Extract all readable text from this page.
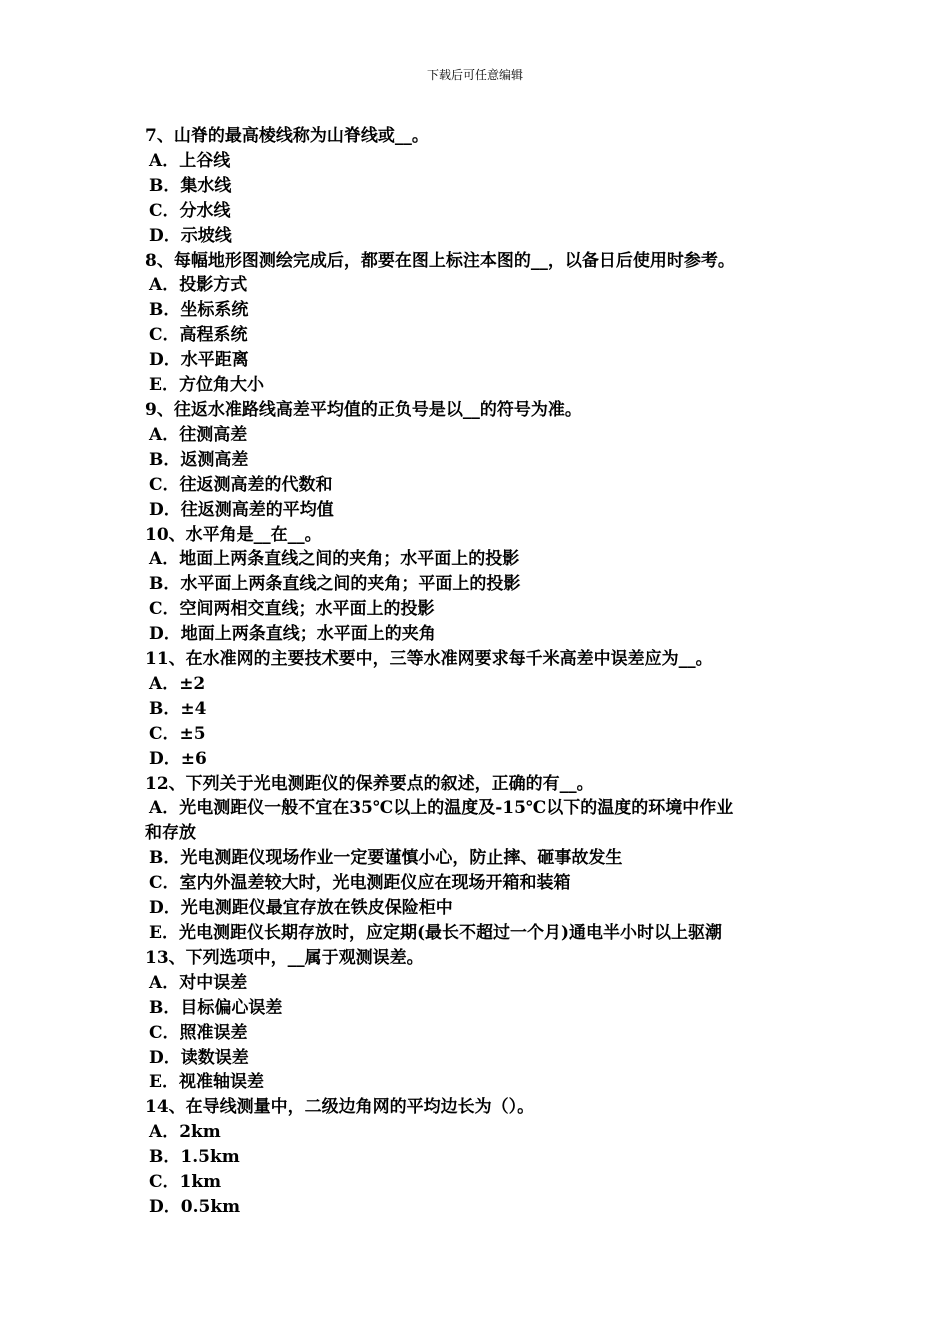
下载后可任意编辑
7、山脊的最高棱线称为山脊线或__。
A．上谷线
B．集水线
C．分水线
D．示坡线
8、每幅地形图测绘完成后，都要在图上标注本图的__，以备日后使用时参考。
A．投影方式
B．坐标系统
C．高程系统
D．水平距离
E．方位角大小
9、往返水准路线高差平均值的正负号是以__的符号为准。
A．往测高差
B．返测高差
C．往返测高差的代数和
D．往返测高差的平均值
10、水平角是__在__。
A．地面上两条直线之间的夹角；水平面上的投影
B．水平面上两条直线之间的夹角；平面上的投影
C．空间两相交直线；水平面上的投影
D．地面上两条直线；水平面上的夹角
11、在水准网的主要技术要中，三等水准网要求每千米高差中误差应为__。
A．±2
B．±4
C．±5
D．±6
12、下列关于光电测距仪的保养要点的叙述，正确的有__。
A．光电测距仪一般不宜在35℃以上的温度及-15℃以下的温度的环境中作业
和存放
B．光电测距仪现场作业一定要谨慎小心，防止摔、砸事故发生
C．室内外温差较大时，光电测距仪应在现场开箱和装箱
D．光电测距仪最宜存放在铁皮保险柜中
E．光电测距仪长期存放时，应定期(最长不超过一个月)通电半小时以上驱潮
13、下列选项中，__属于观测误差。
A．对中误差
B．目标偏心误差
C．照准误差
D．读数误差
E．视准轴误差
14、在导线测量中，二级边角网的平均边长为（）。
A．2km
B．1.5km
C．1km
D．0.5km
